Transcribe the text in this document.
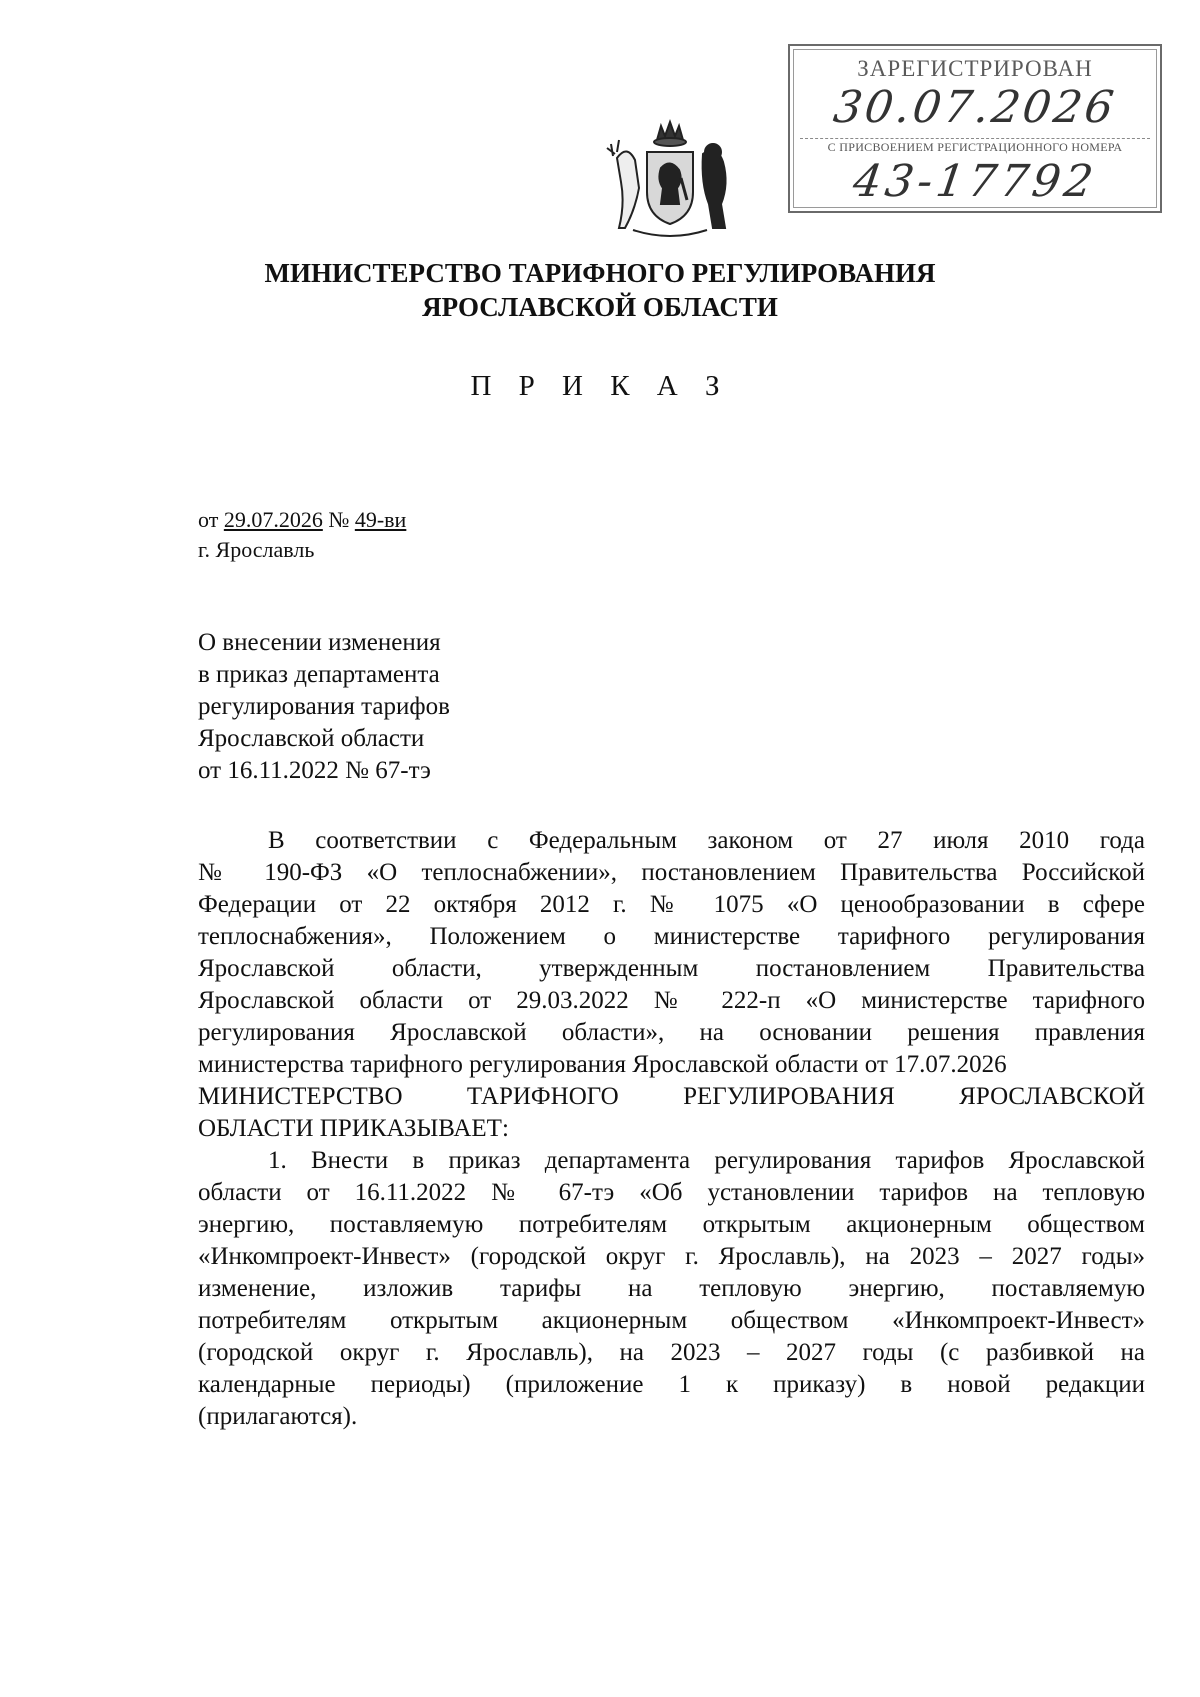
ЗАРЕГИСТРИРОВАН
30.07.2026
С ПРИСВОЕНИЕМ РЕГИСТРАЦИОННОГО НОМЕРА
43-17792
МИНИСТЕРСТВО ТАРИФНОГО РЕГУЛИРОВАНИЯ
ЯРОСЛАВСКОЙ ОБЛАСТИ
П Р И К А З
от 29.07.2026 № 49-ви
г. Ярославль
О внесении изменения
в приказ департамента
регулирования тарифов
Ярославской области
от 16.11.2022 № 67-тэ
В соответствии с Федеральным законом от 27 июля 2010 года
№ 190-ФЗ «О теплоснабжении», постановлением Правительства Российской
Федерации от 22 октября 2012 г. № 1075 «О ценообразовании в сфере
теплоснабжения», Положением о министерстве тарифного регулирования
Ярославской области, утвержденным постановлением Правительства
Ярославской области от 29.03.2022 № 222-п «О министерстве тарифного
регулирования Ярославской области», на основании решения правления
министерства тарифного регулирования Ярославской области от 17.07.2026
МИНИСТЕРСТВО ТАРИФНОГО РЕГУЛИРОВАНИЯ ЯРОСЛАВСКОЙ
ОБЛАСТИ ПРИКАЗЫВАЕТ:
1. Внести в приказ департамента регулирования тарифов Ярославской
области от 16.11.2022 № 67-тэ «Об установлении тарифов на тепловую
энергию, поставляемую потребителям открытым акционерным обществом
«Инкомпроект-Инвест» (городской округ г. Ярославль), на 2023 – 2027 годы»
изменение, изложив тарифы на тепловую энергию, поставляемую
потребителям открытым акционерным обществом «Инкомпроект-Инвест»
(городской округ г. Ярославль), на 2023 – 2027 годы (с разбивкой на
календарные периоды) (приложение 1 к приказу) в новой редакции
(прилагаются).
